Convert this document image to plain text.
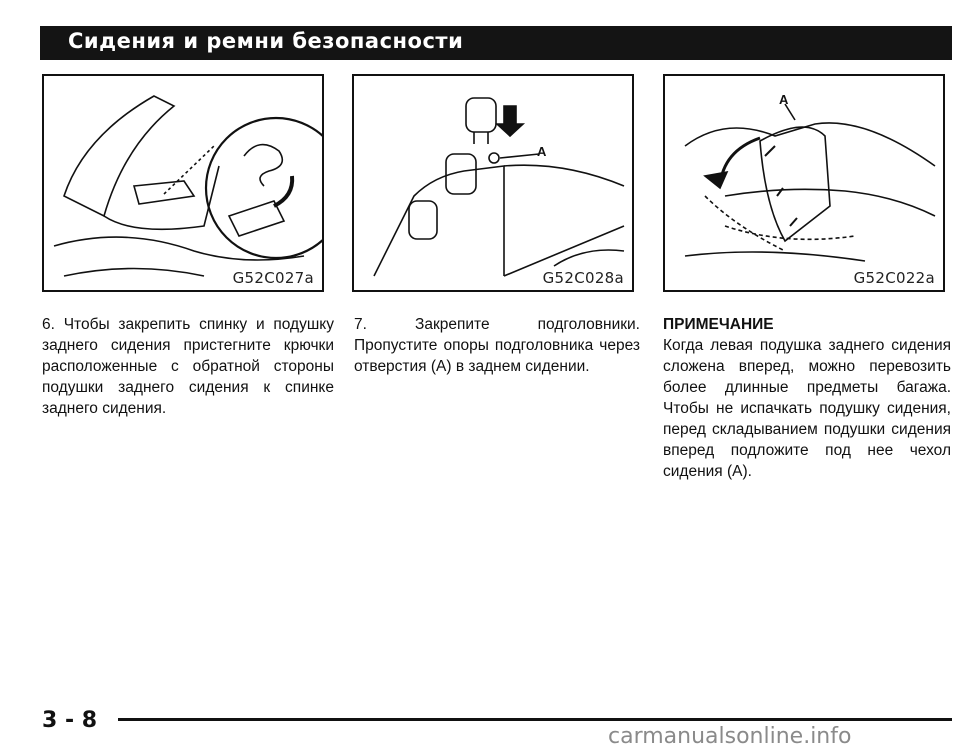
Сидения и ремни безопасности
G52C027a
A
G52C028a
A
G52C022a
6. Чтобы закрепить спинку и подушку заднего сидения пристегните крючки расположенные с обратной стороны подушки заднего сидения к спинке заднего сидения.
7. Закрепите подголовники. Пропустите опоры подголовника через отверстия (А) в заднем сидении.
ПРИМЕЧАНИЕ
Когда левая подушка заднего сидения сложена вперед, можно перевозить более длинные предметы багажа. Чтобы не испачкать подушку сидения, перед складыванием подушки сидения вперед подложите под нее чехол сидения (А).
3 - 8
carmanualsonline.info
